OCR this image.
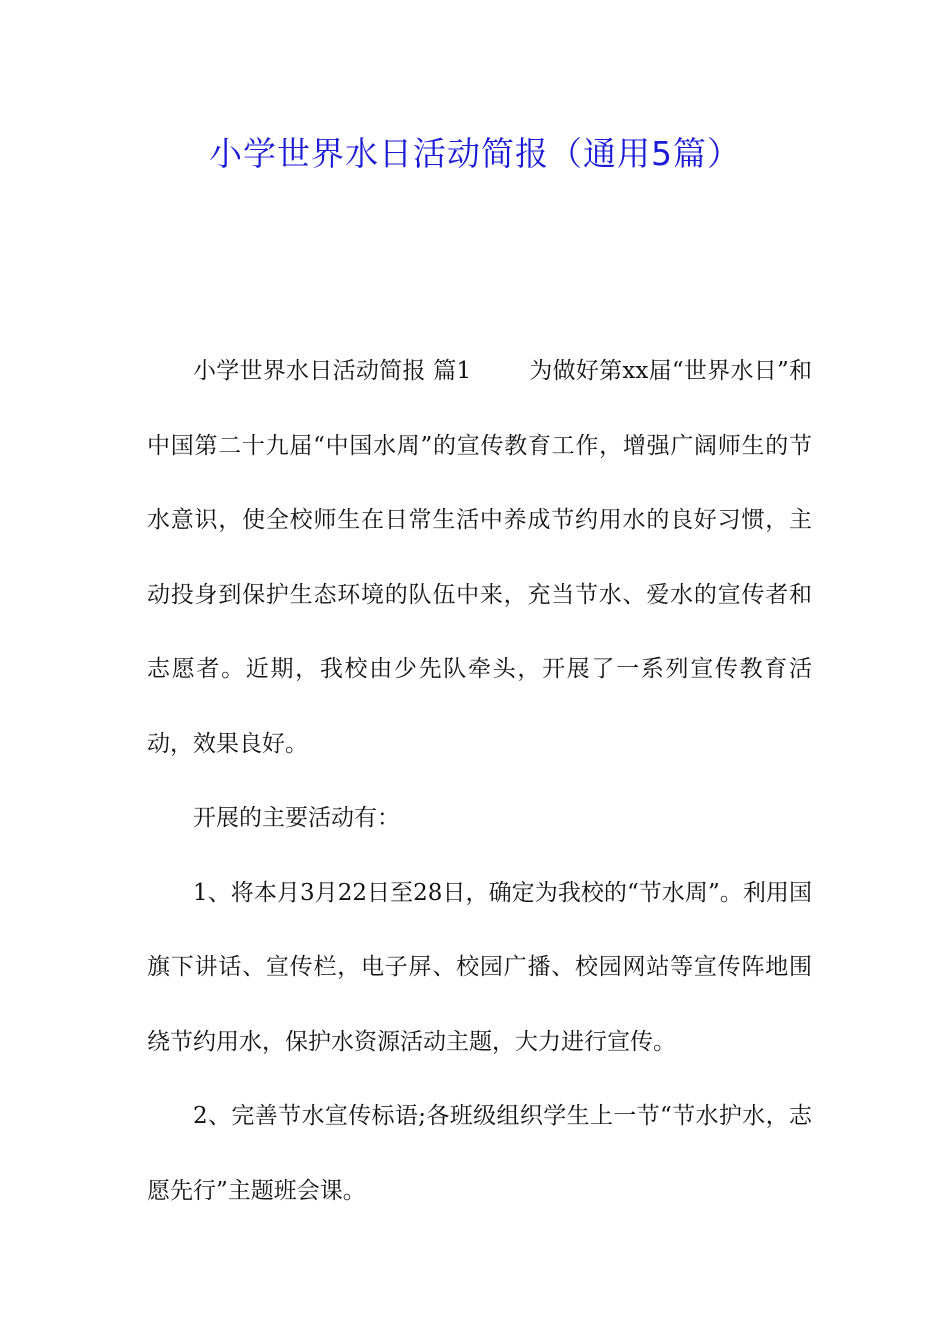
小学世界水日活动简报（通用5篇）

小学世界水日活动简报 篇1	为做好第xx届“世界水日”和中国第二十九届“中国水周”的宣传教育工作，增强广阔师生的节水意识，使全校师生在日常生活中养成节约用水的良好习惯，主动投身到保护生态环境的队伍中来，充当节水、爱水的宣传者和志愿者。近期，我校由少先队牵头，开展了一系列宣传教育活动，效果良好。

开展的主要活动有：

1、将本月3月22日至28日，确定为我校的“节水周”。利用国旗下讲话、宣传栏，电子屏、校园广播、校园网站等宣传阵地围绕节约用水，保护水资源活动主题，大力进行宣传。

2、完善节水宣传标语;各班级组织学生上一节“节水护水，志愿先行”主题班会课。
